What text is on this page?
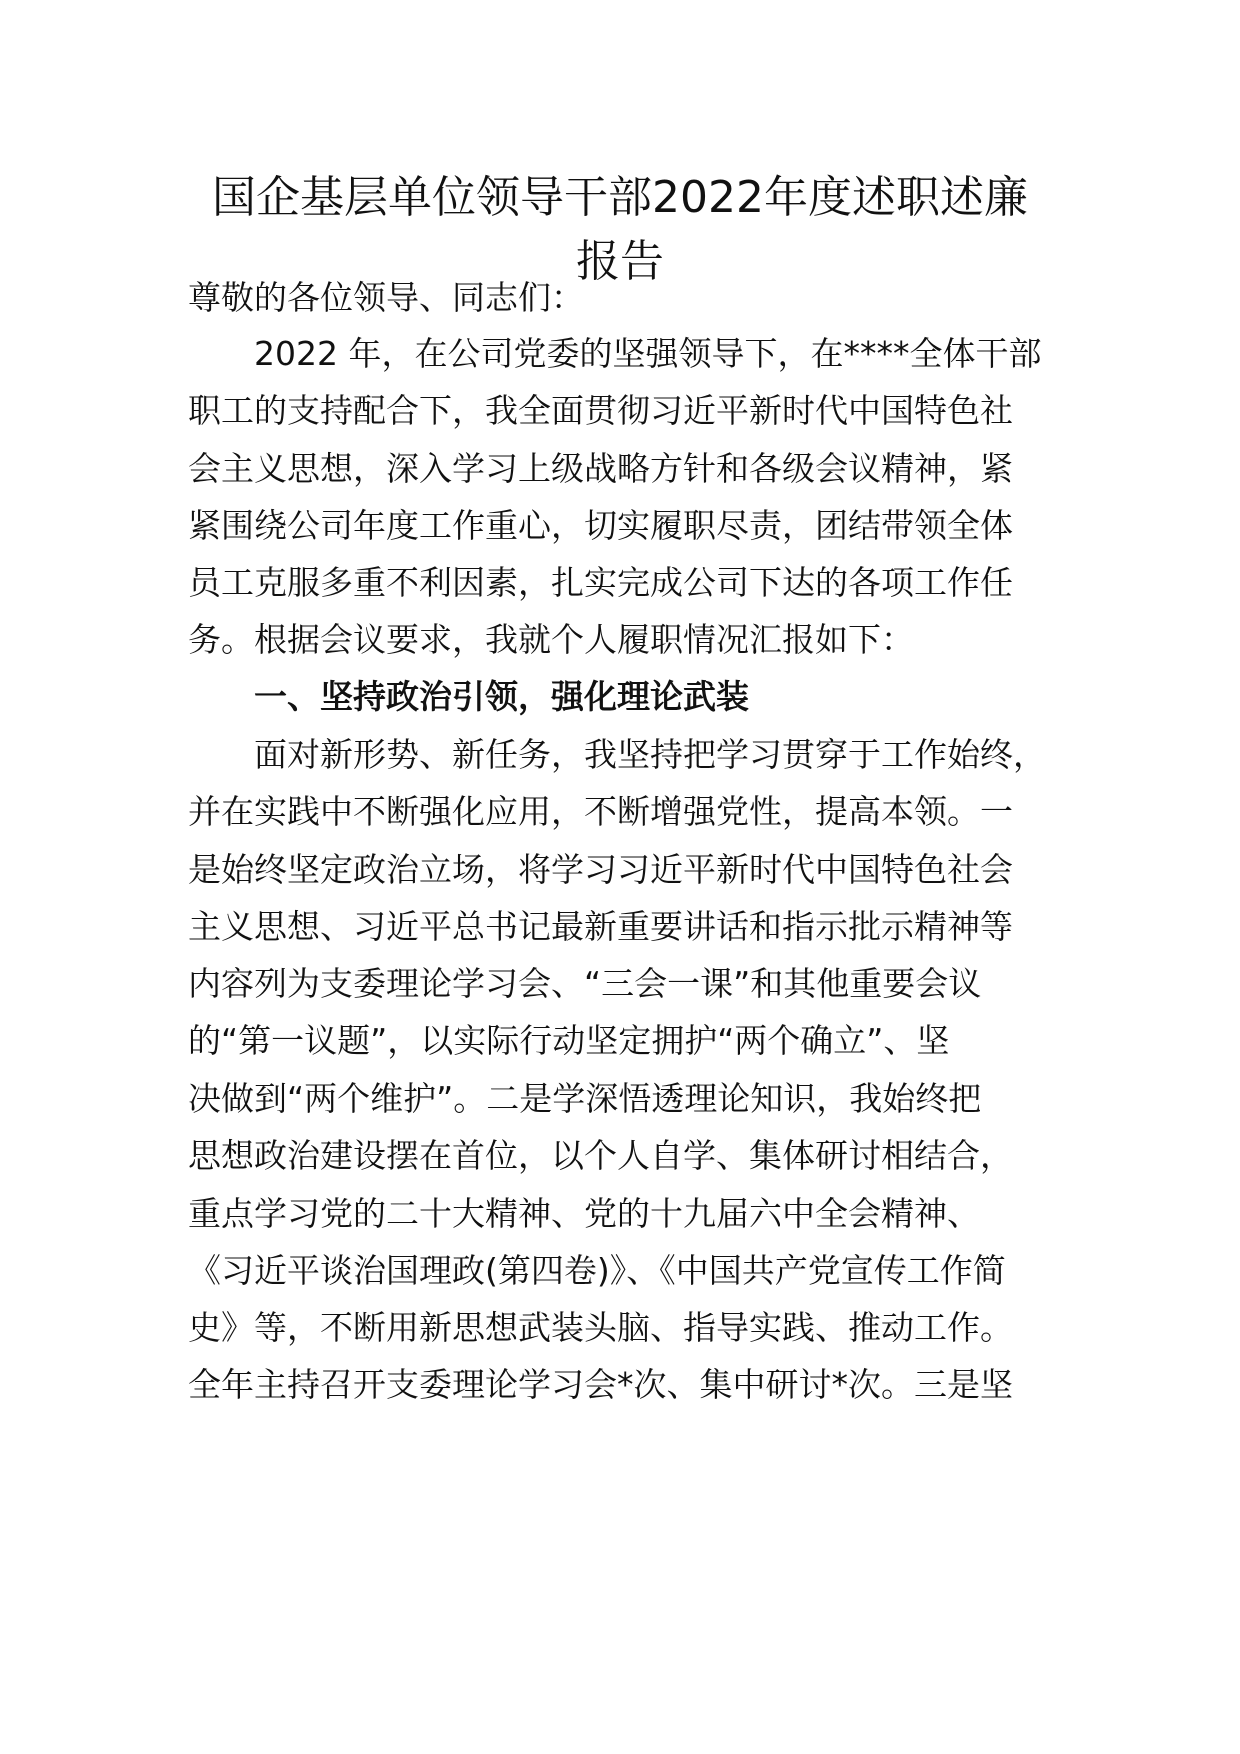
国企基层单位领导干部2022年度述职述廉
报告

尊敬的各位领导、同志们：

2022 年，在公司党委的坚强领导下，在****全体干部

职工的支持配合下，我全面贯彻习近平新时代中国特色社

会主义思想，深入学习上级战略方针和各级会议精神，紧

紧围绕公司年度工作重心，切实履职尽责，团结带领全体

员工克服多重不利因素，扎实完成公司下达的各项工作任

务。根据会议要求，我就个人履职情况汇报如下：

一、坚持政治引领，强化理论武装

面对新形势、新任务，我坚持把学习贯穿于工作始终，

并在实践中不断强化应用，不断增强党性，提高本领。一

是始终坚定政治立场，将学习习近平新时代中国特色社会

主义思想、习近平总书记最新重要讲话和指示批示精神等

内容列为支委理论学习会、“三会一课”和其他重要会议

的“第一议题”，以实际行动坚定拥护“两个确立”、坚

决做到“两个维护”。二是学深悟透理论知识，我始终把

思想政治建设摆在首位，以个人自学、集体研讨相结合，

重点学习党的二十大精神、党的十九届六中全会精神、

《习近平谈治国理政(第四卷)》、《中国共产党宣传工作简

史》等，不断用新思想武装头脑、指导实践、推动工作。

全年主持召开支委理论学习会*次、集中研讨*次。三是坚
